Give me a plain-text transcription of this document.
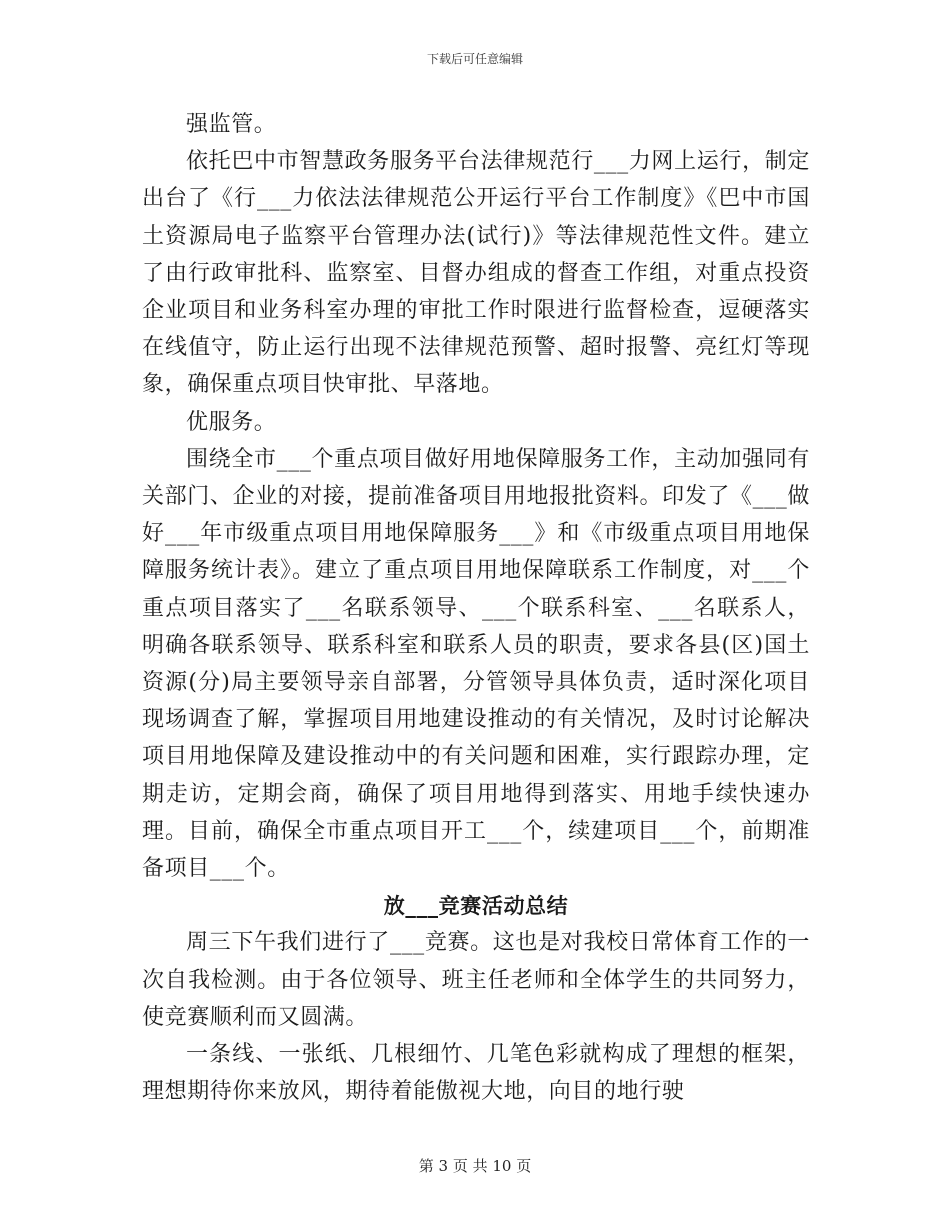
下载后可任意编辑

强监管。

依托巴中市智慧政务服务平台法律规范行___力网上运行，制定出台了《行___力依法法律规范公开运行平台工作制度》《巴中市国土资源局电子监察平台管理办法(试行)》等法律规范性文件。建立了由行政审批科、监察室、目督办组成的督查工作组，对重点投资企业项目和业务科室办理的审批工作时限进行监督检查，逗硬落实在线值守，防止运行出现不法律规范预警、超时报警、亮红灯等现象，确保重点项目快审批、早落地。

优服务。

围绕全市___个重点项目做好用地保障服务工作，主动加强同有关部门、企业的对接，提前准备项目用地报批资料。印发了《___做好___年市级重点项目用地保障服务___》和《市级重点项目用地保障服务统计表》。建立了重点项目用地保障联系工作制度，对___个重点项目落实了___名联系领导、___个联系科室、___名联系人，明确各联系领导、联系科室和联系人员的职责，要求各县(区)国土资源(分)局主要领导亲自部署，分管领导具体负责，适时深化项目现场调查了解，掌握项目用地建设推动的有关情况，及时讨论解决项目用地保障及建设推动中的有关问题和困难，实行跟踪办理，定期走访，定期会商，确保了项目用地得到落实、用地手续快速办理。目前，确保全市重点项目开工___个，续建项目___个，前期准备项目___个。

放___竞赛活动总结

周三下午我们进行了___竞赛。这也是对我校日常体育工作的一次自我检测。由于各位领导、班主任老师和全体学生的共同努力，使竞赛顺利而又圆满。

一条线、一张纸、几根细竹、几笔色彩就构成了理想的框架，理想期待你来放风，期待着能傲视大地，向目的地行驶

第 3 页 共 10 页
